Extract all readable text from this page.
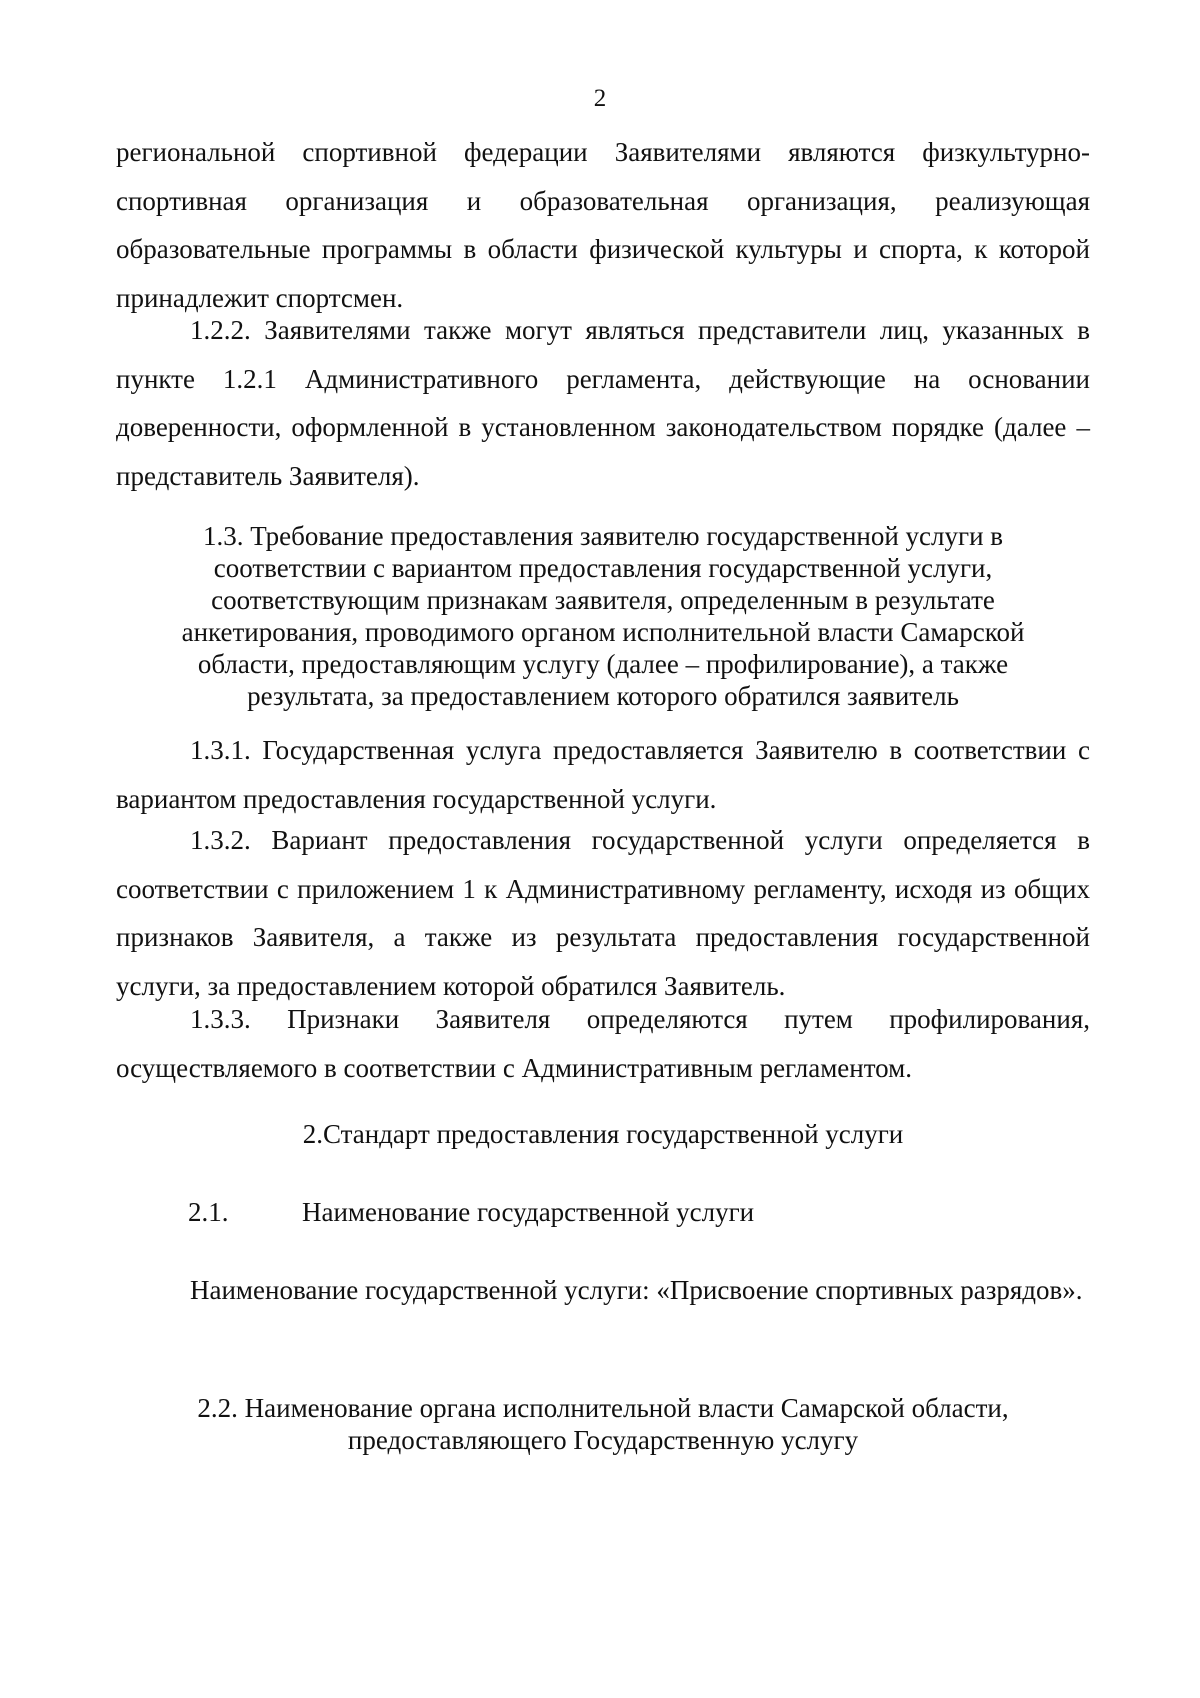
2

региональной спортивной федерации Заявителями являются физкультурно-спортивная организация и образовательная организация, реализующая образовательные программы в области физической культуры и спорта, к которой принадлежит спортсмен.

1.2.2. Заявителями также могут являться представители лиц, указанных в пункте 1.2.1 Административного регламента, действующие на основании доверенности, оформленной в установленном законодательством порядке (далее – представитель Заявителя).

1.3. Требование предоставления заявителю государственной услуги в
соответствии с вариантом предоставления государственной услуги,
соответствующим признакам заявителя, определенным в результате
анкетирования, проводимого органом исполнительной власти Самарской
области, предоставляющим услугу (далее – профилирование), а также
результата, за предоставлением которого обратился заявитель

1.3.1. Государственная услуга предоставляется Заявителю в соответствии с вариантом предоставления государственной услуги.

1.3.2. Вариант предоставления государственной услуги определяется в соответствии с приложением 1 к Административному регламенту, исходя из общих признаков Заявителя, а также из результата предоставления государственной услуги, за предоставлением которой обратился Заявитель.

1.3.3. Признаки Заявителя определяются путем профилирования, осуществляемого в соответствии с Административным регламентом.

2.Стандарт предоставления государственной услуги
2.1.	Наименование государственной услуги

Наименование государственной услуги: «Присвоение спортивных разрядов».

2.2. Наименование органа исполнительной власти Самарской области,
предоставляющего Государственную услугу
